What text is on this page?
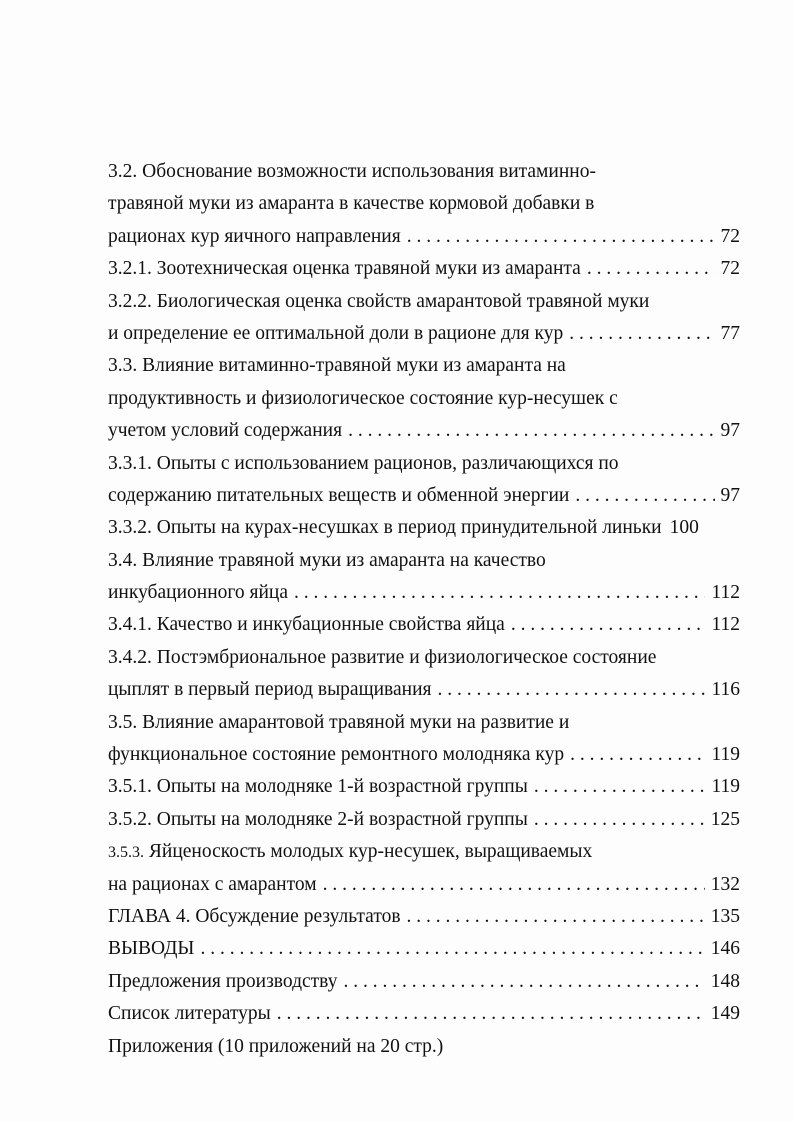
3.2. Обоснование возможности использования витаминно-
травяной муки из амаранта в качестве кормовой добавки в
рационах кур яичного направления . . .	72
3.2.1. Зоотехническая оценка травяной муки из амаранта . . .	72
3.2.2. Биологическая оценка свойств амарантовой травяной муки
и определение ее оптимальной доли в рационе для кур . . .	77
3.3. Влияние витаминно-травяной муки из амаранта на
продуктивность и физиологическое состояние кур-несушек с
учетом условий содержания . . .	97
3.3.1. Опыты с использованием рационов, различающихся по
содержанию питательных веществ и обменной энергии . . .	97
3.3.2. Опыты на курах-несушках в период принудительной линьки 100
3.4. Влияние травяной муки из амаранта на качество
инкубационного яйца . . .	112
3.4.1. Качество и инкубационные свойства яйца . . .	112
3.4.2. Постэмбриональное развитие и физиологическое состояние
цыплят в первый период выращивания . . .	116
3.5. Влияние амарантовой травяной муки на развитие и
функциональное состояние ремонтного молодняка кур . . .	119
3.5.1. Опыты на молодняке 1-й возрастной группы . . .	119
3.5.2. Опыты на молодняке 2-й возрастной группы . . .	125
3.5.3. Яйценоскость молодых кур-несушек, выращиваемых
на рационах с амарантом . . .	132
ГЛАВА 4. Обсуждение результатов . . .	135
ВЫВОДЫ . . .	146
Предложения производству . . .	148
Список литературы . . .	149
Приложения (10 приложений на 20 стр.)
